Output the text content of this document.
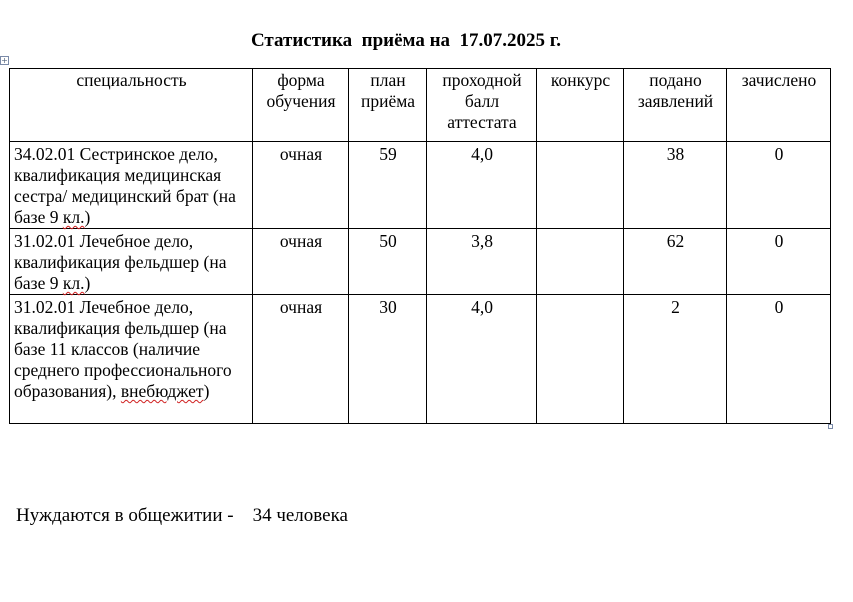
Статистика  приёма на  17.07.2025 г.
+
специальность	форма обучения	план приёма	проходной балл аттестата	конкурс	подано заявлений	зачислено
34.02.01 Сестринское дело, квалификация медицинская сестра/ медицинский брат (на базе 9 кл.)	очная	59	4,0		38	0
31.02.01 Лечебное дело, квалификация фельдшер (на базе 9 кл.)	очная	50	3,8		62	0
31.02.01 Лечебное дело, квалификация фельдшер (на базе 11 классов (наличие среднего профессионального образования), внебюджет)	очная	30	4,0		2	0
Нуждаются в общежитии -    34 человека
